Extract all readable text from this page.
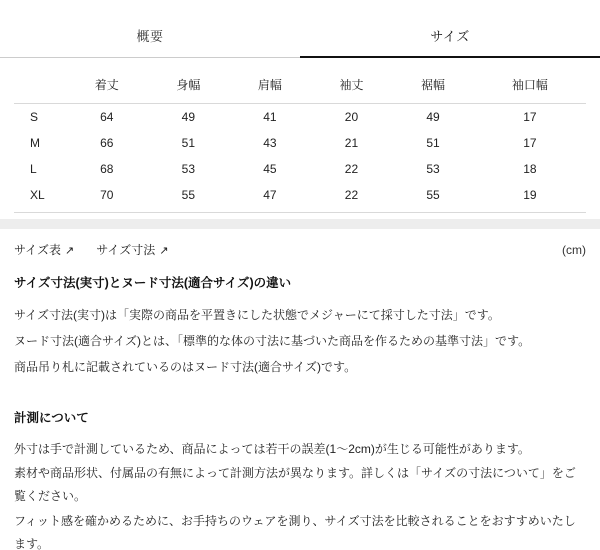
概要	サイズ
	着丈	身幅	肩幅	袖丈	裾幅	袖口幅
S	64	49	41	20	49	17
M	66	51	43	21	51	17
L	68	53	45	22	53	18
XL	70	55	47	22	55	19
サイズ表 ↗ サイズ寸法 ↗	(cm)
サイズ寸法(実寸)とヌード寸法(適合サイズ)の違い

サイズ寸法(実寸)は「実際の商品を平置きにした状態でメジャーにて採寸した寸法」です。

ヌード寸法(適合サイズ)とは、「標準的な体の寸法に基づいた商品を作るための基準寸法」です。

商品吊り札に記載されているのはヌード寸法(適合サイズ)です。

計測について

外寸は手で計測しているため、商品によっては若干の誤差(1〜2cm)が生じる可能性があります。

素材や商品形状、付属品の有無によって計測方法が異なります。詳しくは「サイズの寸法について」をご覧ください。

フィット感を確かめるために、お手持ちのウェアを測り、サイズ寸法を比較されることをおすすめいたします。
